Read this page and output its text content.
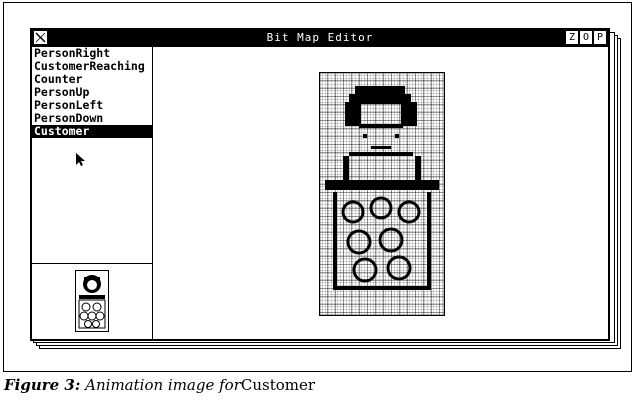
Bit Map Editor	Z O P
PersonRight
CustomerReaching
Counter
PersonUp
PersonLeft
PersonDown
Customer
Figure 3: Animation image forCustomer
